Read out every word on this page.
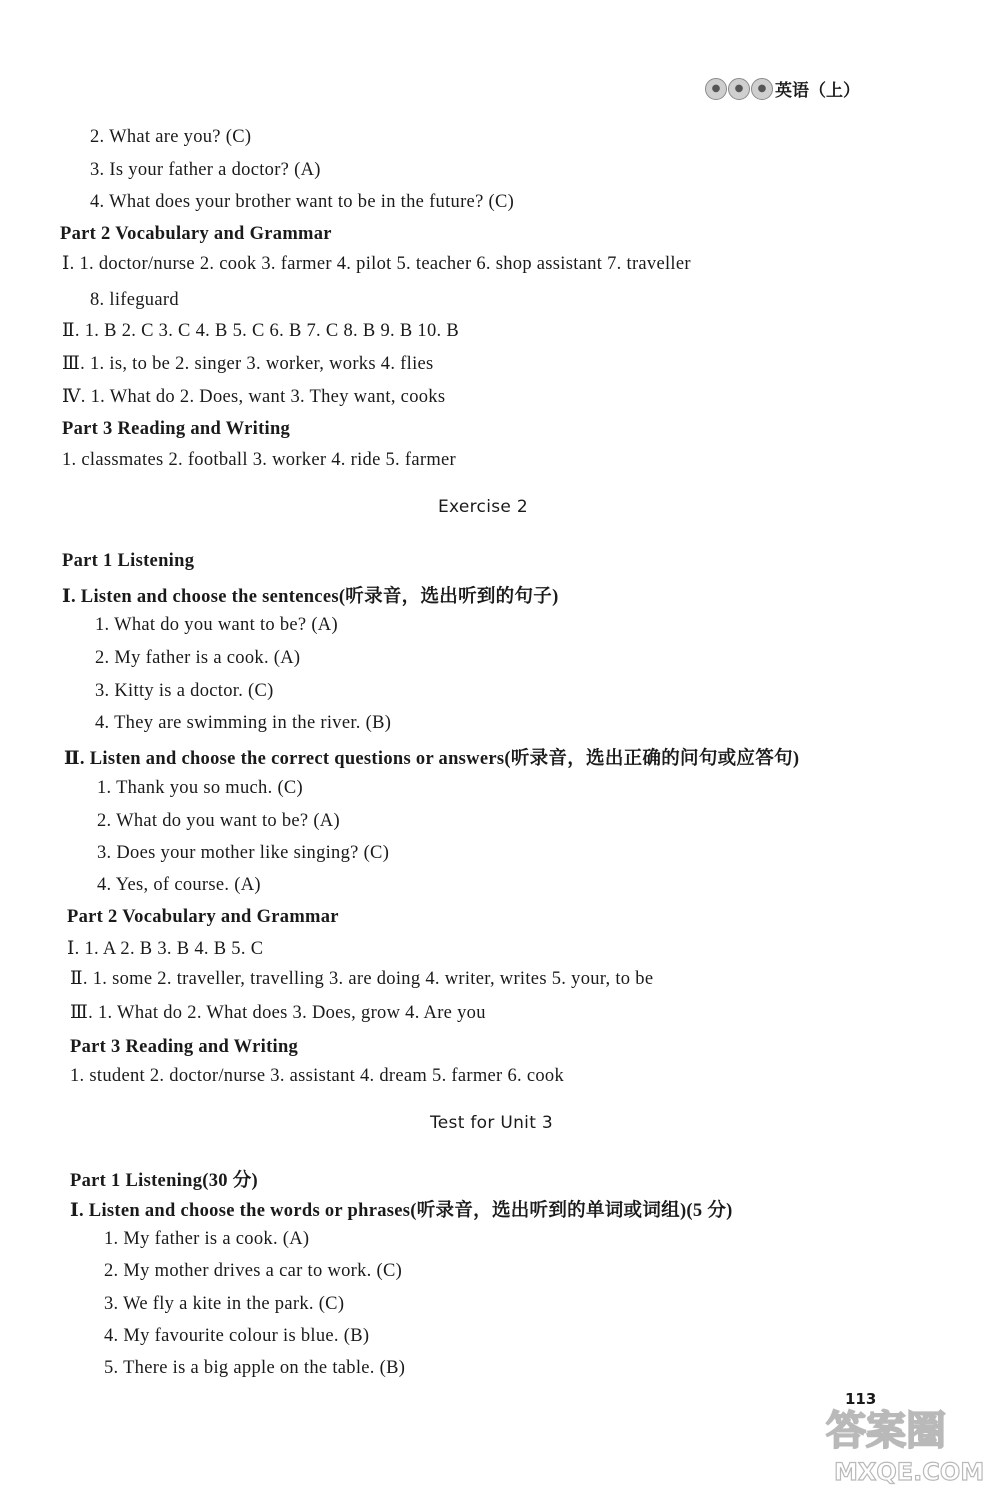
●	●	● 英语（上）
2. What are you? (C)
3. Is your father a doctor? (A)
4. What does your brother want to be in the future? (C)
Part 2 Vocabulary and Grammar
Ⅰ. 1. doctor/nurse 2. cook 3. farmer 4. pilot 5. teacher 6. shop assistant 7. traveller
8. lifeguard
Ⅱ. 1. B 2. C 3. C 4. B 5. C 6. B 7. C 8. B 9. B 10. B
Ⅲ. 1. is, to be 2. singer 3. worker, works 4. flies
Ⅳ. 1. What do 2. Does, want 3. They want, cooks
Part 3 Reading and Writing
1. classmates 2. football 3. worker 4. ride 5. farmer
Exercise 2
Part 1 Listening
Ⅰ. Listen and choose the sentences(听录音，选出听到的句子)
1. What do you want to be? (A)
2. My father is a cook. (A)
3. Kitty is a doctor. (C)
4. They are swimming in the river. (B)
Ⅱ. Listen and choose the correct questions or answers(听录音，选出正确的问句或应答句)
1. Thank you so much. (C)
2. What do you want to be? (A)
3. Does your mother like singing? (C)
4. Yes, of course. (A)
Part 2 Vocabulary and Grammar
Ⅰ. 1. A 2. B 3. B 4. B 5. C
Ⅱ. 1. some 2. traveller, travelling 3. are doing 4. writer, writes 5. your, to be
Ⅲ. 1. What do 2. What does 3. Does, grow 4. Are you
Part 3 Reading and Writing
1. student 2. doctor/nurse 3. assistant 4. dream 5. farmer 6. cook
Test for Unit 3
Part 1 Listening(30 分)
Ⅰ. Listen and choose the words or phrases(听录音，选出听到的单词或词组)(5 分)
1. My father is a cook. (A)
2. My mother drives a car to work. (C)
3. We fly a kite in the park. (C)
4. My favourite colour is blue. (B)
5. There is a big apple on the table. (B)
113
答案圈
MXQE.COM
